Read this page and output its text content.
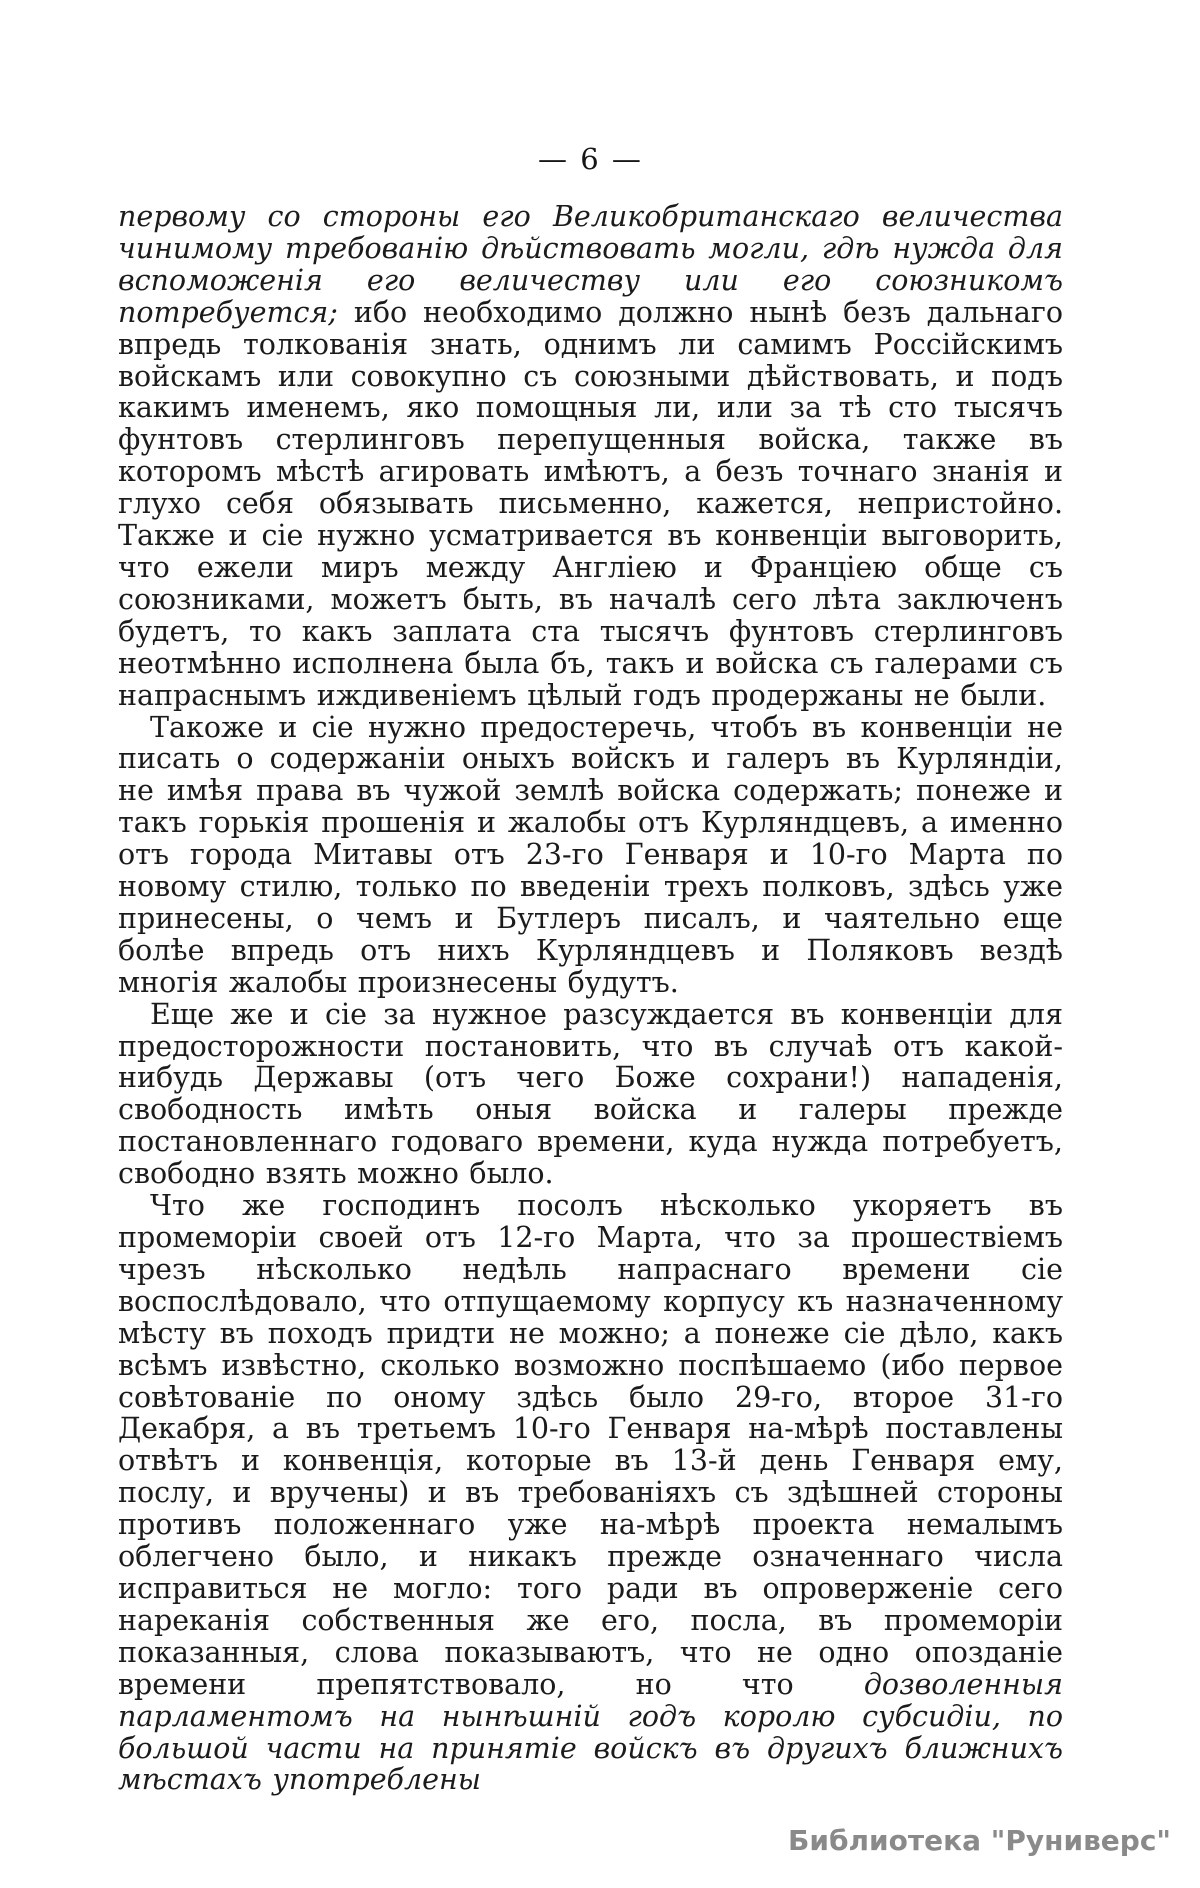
— 6 —

первому со стороны его Великобританскаго величества чинимому требованію дѣйствовать могли, гдѣ нужда для вспоможенія его величеству или его союзникомъ потребуется; ибо необходимо должно нынѣ безъ дальнаго впредь толкованія знать, однимъ ли самимъ Россійскимъ войскамъ или совокупно съ союзными дѣйствовать, и подъ какимъ именемъ, яко помощныя ли, или за тѣ сто тысячъ фунтовъ стерлинговъ перепущенныя войска, также въ которомъ мѣстѣ агировать имѣютъ, а безъ точнаго знанія и глухо себя обязывать письменно, кажется, непристойно. Также и сіе нужно усматривается въ конвенціи выговорить, что ежели миръ между Англіею и Франціею обще съ союзниками, можетъ быть, въ началѣ сего лѣта заключенъ будетъ, то какъ заплата ста тысячъ фунтовъ стерлинговъ неотмѣнно исполнена была бъ, такъ и войска съ галерами съ напраснымъ иждивеніемъ цѣлый годъ продержаны не были.

Такоже и сіе нужно предостеречь, чтобъ въ конвенціи не писать о содержаніи оныхъ войскъ и галеръ въ Курляндіи, не имѣя права въ чужой землѣ войска содержать; понеже и такъ горькія прошенія и жалобы отъ Курляндцевъ, а именно отъ города Митавы отъ 23-го Генваря и 10-го Марта по новому стилю, только по введеніи трехъ полковъ, здѣсь уже принесены, о чемъ и Бутлеръ писалъ, и чаятельно еще болѣе впредь отъ нихъ Курляндцевъ и Поляковъ вездѣ многія жалобы произнесены будутъ.

Еще же и сіе за нужное разсуждается въ конвенціи для предосторожности постановить, что въ случаѣ отъ какой-нибудь Державы (отъ чего Боже сохрани!) нападенія, свободность имѣть оныя войска и галеры прежде постановленнаго годоваго времени, куда нужда потребуетъ, свободно взять можно было.

Что же господинъ посолъ нѣсколько укоряетъ въ промеморіи своей отъ 12-го Марта, что за прошествіемъ чрезъ нѣсколько недѣль напраснаго времени сіе воспослѣдовало, что отпущаемому корпусу къ назначенному мѣсту въ походъ придти не можно; а понеже сіе дѣло, какъ всѣмъ извѣстно, сколько возможно поспѣшаемо (ибо первое совѣтованіе по оному здѣсь было 29-го, второе 31-го Декабря, а въ третьемъ 10-го Генваря на-мѣрѣ поставлены отвѣтъ и конвенція, которые въ 13-й день Генваря ему, послу, и вручены) и въ требованіяхъ съ здѣшней стороны противъ положеннаго уже на-мѣрѣ проекта немалымъ облегчено было, и никакъ прежде означеннаго числа исправиться не могло: того ради въ опроверженіе сего нареканія собственныя же его, посла, въ промеморіи показанныя, слова показываютъ, что не одно опозданіе времени препятствовало, но что дозволенныя парламентомъ на нынѣшній годъ королю субсидіи, по большой части на принятіе войскъ въ другихъ ближнихъ мѣстахъ употреблены

Библиотека "Руниверс"
